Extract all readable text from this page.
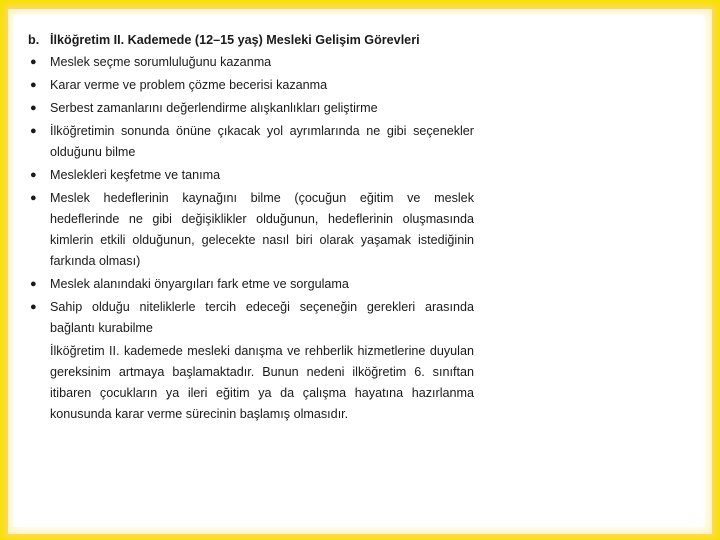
b. İlköğretim II. Kademede (12–15 yaş) Mesleki Gelişim Görevleri
● Meslek seçme sorumluluğunu kazanma
● Karar verme ve problem çözme becerisi kazanma
● Serbest zamanlarını değerlendirme alışkanlıkları geliştirme
● İlköğretimin sonunda önüne çıkacak yol ayrımlarında ne gibi seçenekler olduğunu bilme
● Meslekleri keşfetme ve tanıma
● Meslek hedeflerinin kaynağını bilme (çocuğun eğitim ve meslek hedeflerinde ne gibi değişiklikler olduğunun, hedeflerinin oluşmasında kimlerin etkili olduğunun, gelecekte nasıl biri olarak yaşamak istediğinin farkında olması)
● Meslek alanındaki önyargıları fark etme ve sorgulama
● Sahip olduğu niteliklerle tercih edeceği seçeneğin gerekleri arasında bağlantı kurabilme
İlköğretim II. kademede mesleki danışma ve rehberlik hizmetlerine duyulan gereksinim artmaya başlamaktadır. Bunun nedeni ilköğretim 6. sınıftan itibaren çocukların ya ileri eğitim ya da çalışma hayatına hazırlanma konusunda karar verme sürecinin başlamış olmasıdır.
